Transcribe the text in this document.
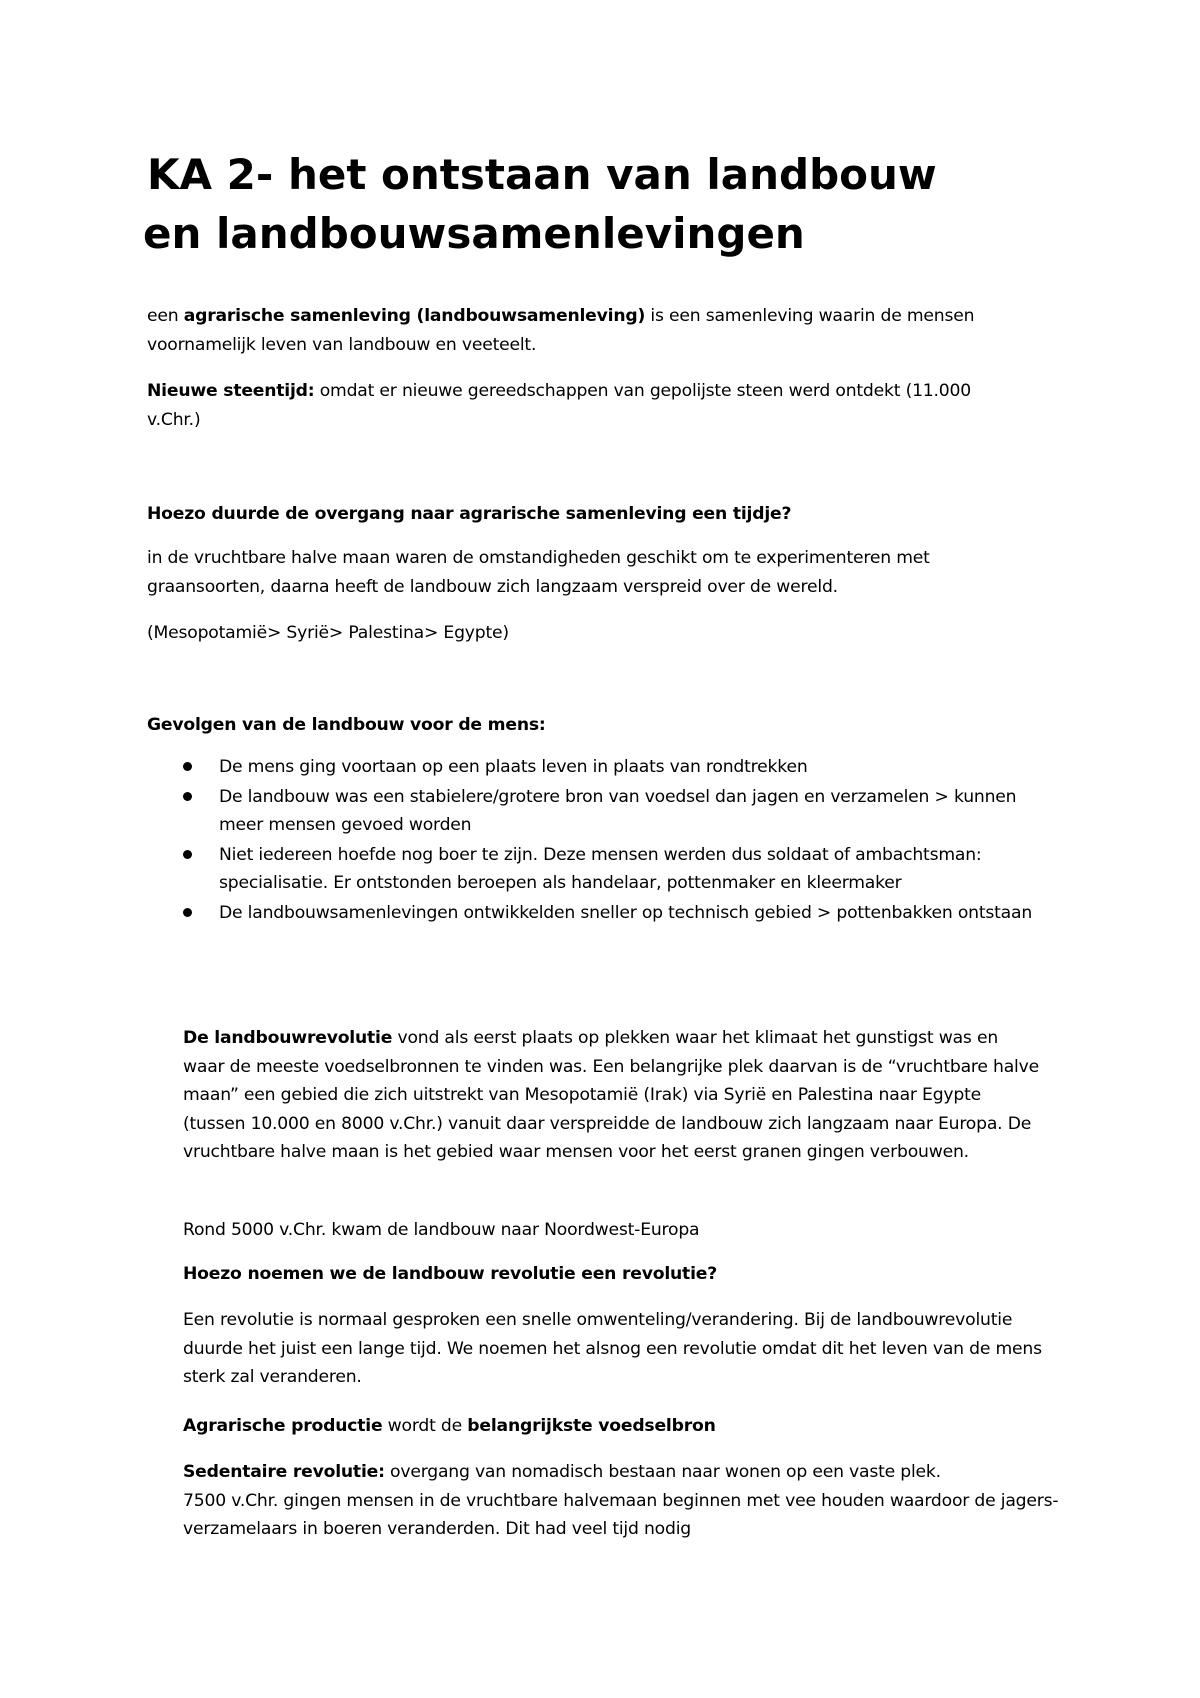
KA 2- het ontstaan van landbouw
en landbouwsamenlevingen

een agrarische samenleving (landbouwsamenleving) is een samenleving waarin de mensen voornamelijk leven van landbouw en veeteelt.

Nieuwe steentijd: omdat er nieuwe gereedschappen van gepolijste steen werd ontdekt (11.000 v.Chr.)

Hoezo duurde de overgang naar agrarische samenleving een tijdje?

in de vruchtbare halve maan waren de omstandigheden geschikt om te experimenteren met graansoorten, daarna heeft de landbouw zich langzaam verspreid over de wereld.

(Mesopotamië> Syrië> Palestina> Egypte)

Gevolgen van de landbouw voor de mens:

De mens ging voortaan op een plaats leven in plaats van rondtrekken
De landbouw was een stabielere/grotere bron van voedsel dan jagen en verzamelen > kunnen meer mensen gevoed worden
Niet iedereen hoefde nog boer te zijn. Deze mensen werden dus soldaat of ambachtsman: specialisatie. Er ontstonden beroepen als handelaar, pottenmaker en kleermaker
De landbouwsamenlevingen ontwikkelden sneller op technisch gebied > pottenbakken ontstaan

De landbouwrevolutie vond als eerst plaats op plekken waar het klimaat het gunstigst was en waar de meeste voedselbronnen te vinden was. Een belangrijke plek daarvan is de “vruchtbare halve maan” een gebied die zich uitstrekt van Mesopotamië (Irak) via Syrië en Palestina naar Egypte (tussen 10.000 en 8000 v.Chr.) vanuit daar verspreidde de landbouw zich langzaam naar Europa. De vruchtbare halve maan is het gebied waar mensen voor het eerst granen gingen verbouwen.

Rond 5000 v.Chr. kwam de landbouw naar Noordwest-Europa

Hoezo noemen we de landbouw revolutie een revolutie?

Een revolutie is normaal gesproken een snelle omwenteling/verandering. Bij de landbouwrevolutie duurde het juist een lange tijd. We noemen het alsnog een revolutie omdat dit het leven van de mens sterk zal veranderen.

Agrarische productie wordt de belangrijkste voedselbron

Sedentaire revolutie: overgang van nomadisch bestaan naar wonen op een vaste plek.
7500 v.Chr. gingen mensen in de vruchtbare halvemaan beginnen met vee houden waardoor de jagers-verzamelaars in boeren veranderden. Dit had veel tijd nodig
